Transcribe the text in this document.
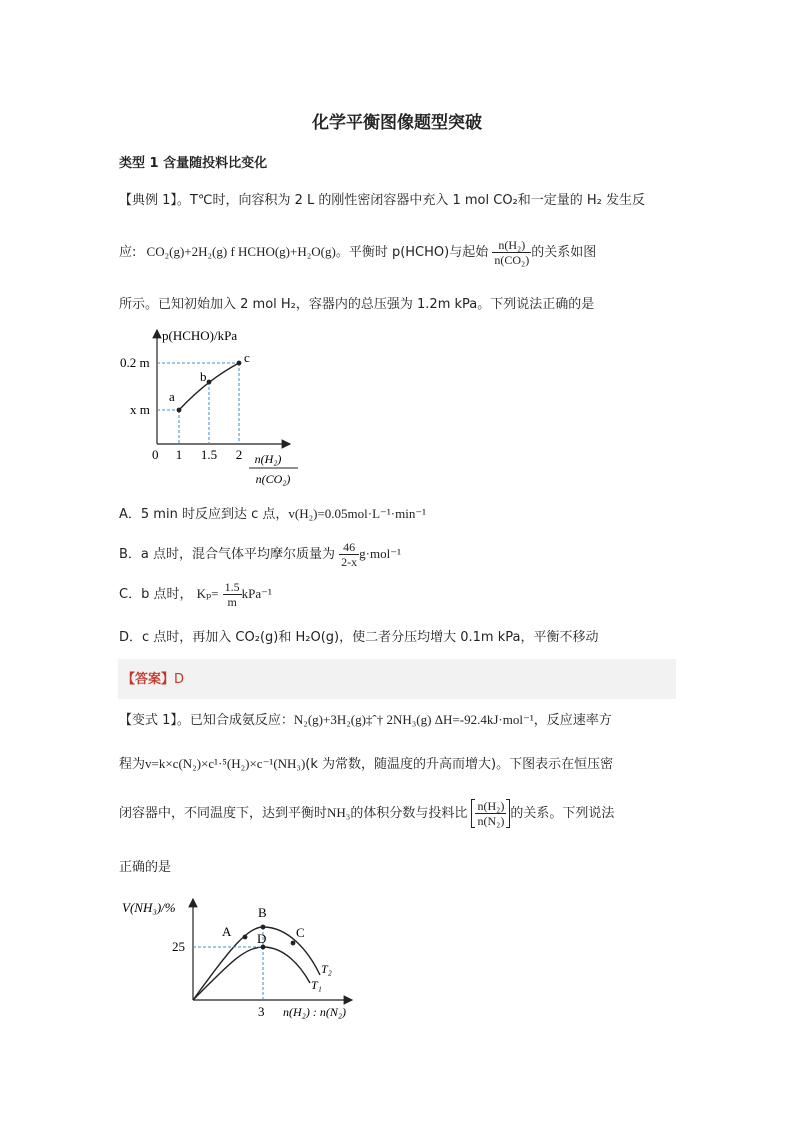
化学平衡图像题型突破
类型 1 含量随投料比变化
【典例 1】。T℃时，向容积为 2 L 的刚性密闭容器中充入 1 mol CO₂和一定量的 H₂ 发生反
应: CO₂(g)+2H₂(g) f HCHO(g)+H₂O(g)。平衡时 p(HCHO)与起始 $\frac{\text{n(H₂)}}{\text{n(CO₂)}}$ 的关系如图
所示。已知初始加入 2 mol H₂，容器内的总压强为 1.2m kPa。下列说法正确的是
p(HCHO)/kPa
0.2 m
x m
0 1 1.5 2
a
b
c
n(H₂)
n(CO₂)
A．5 min 时反应到达 c 点，v(H₂)=0.05mol·L⁻¹·min⁻¹
B．a 点时，混合气体平均摩尔质量为 $\frac{46}{2-x} g\cdot mol^{-1}$
C．b 点时， $K_p= \frac{1.5}{m} kPa^{-1}$
D．c 点时，再加入 CO₂(g)和 H₂O(g)，使二者分压均增大 0.1m kPa，平衡不移动
【答案】D
【变式 1】。已知合成氨反应：N₂(g)+3H₂(g)‡ˆ† 2NH₃(g) ΔH=-92.4kJ·mol⁻¹，反应速率方
程为v=k×c(N₂)×c¹·⁵(H₂)×c⁻¹(NH₃)(k 为常数，随温度的升高而增大)。下图表示在恒压密
闭容器中，不同温度下，达到平衡时NH₃的体积分数与投料比 $\frac{\text{n(H₂)}}{\text{n(N₂)}}$ 的关系。下列说法
正确的是
V(NH₃)/%
25
3 n(H₂) : n(N₂)
A
B
C
D
T₂
T₁
